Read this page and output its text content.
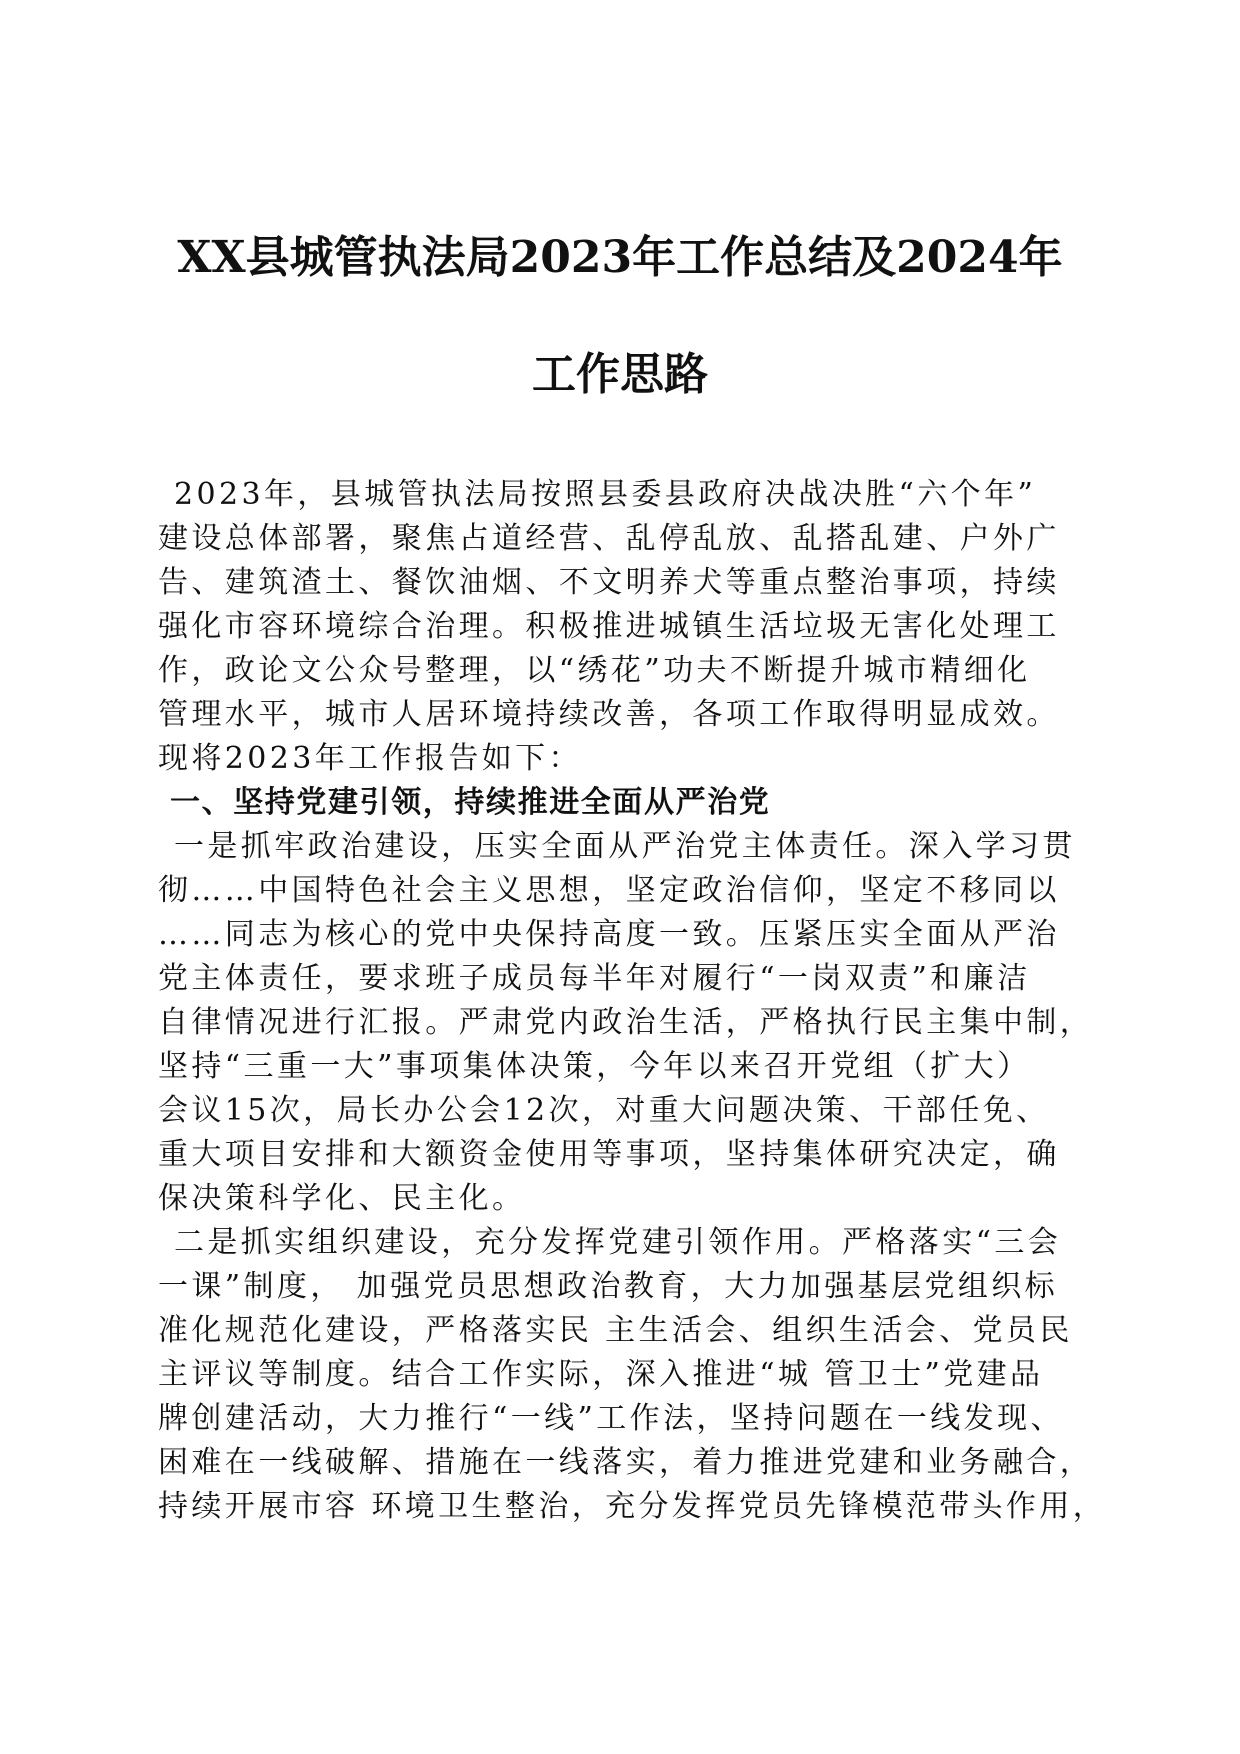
XX县城管执法局2023年工作总结及2024年
工作思路
2023年，县城管执法局按照县委县政府决战决胜“六个年”
建设总体部署，聚焦占道经营、乱停乱放、乱搭乱建、户外广
告、建筑渣土、餐饮油烟、不文明养犬等重点整治事项，持续
强化市容环境综合治理。积极推进城镇生活垃圾无害化处理工
作，政论文公众号整理，以“绣花”功夫不断提升城市精细化
管理水平，城市人居环境持续改善，各项工作取得明显成效。
现将2023年工作报告如下：
一、坚持党建引领，持续推进全面从严治党
一是抓牢政治建设，压实全面从严治党主体责任。深入学习贯
彻……中国特色社会主义思想，坚定政治信仰，坚定不移同以
……同志为核心的党中央保持高度一致。压紧压实全面从严治
党主体责任，要求班子成员每半年对履行“一岗双责”和廉洁
自律情况进行汇报。严肃党内政治生活，严格执行民主集中制，
坚持“三重一大”事项集体决策，今年以来召开党组（扩大）
会议15次，局长办公会12次，对重大问题决策、干部任免、
重大项目安排和大额资金使用等事项，坚持集体研究决定，确
保决策科学化、民主化。
二是抓实组织建设，充分发挥党建引领作用。严格落实“三会
一课”制度， 加强党员思想政治教育，大力加强基层党组织标
准化规范化建设，严格落实民 主生活会、组织生活会、党员民
主评议等制度。结合工作实际，深入推进“城 管卫士”党建品
牌创建活动，大力推行“一线”工作法，坚持问题在一线发现、
困难在一线破解、措施在一线落实，着力推进党建和业务融合，
持续开展市容 环境卫生整治，充分发挥党员先锋模范带头作用，
